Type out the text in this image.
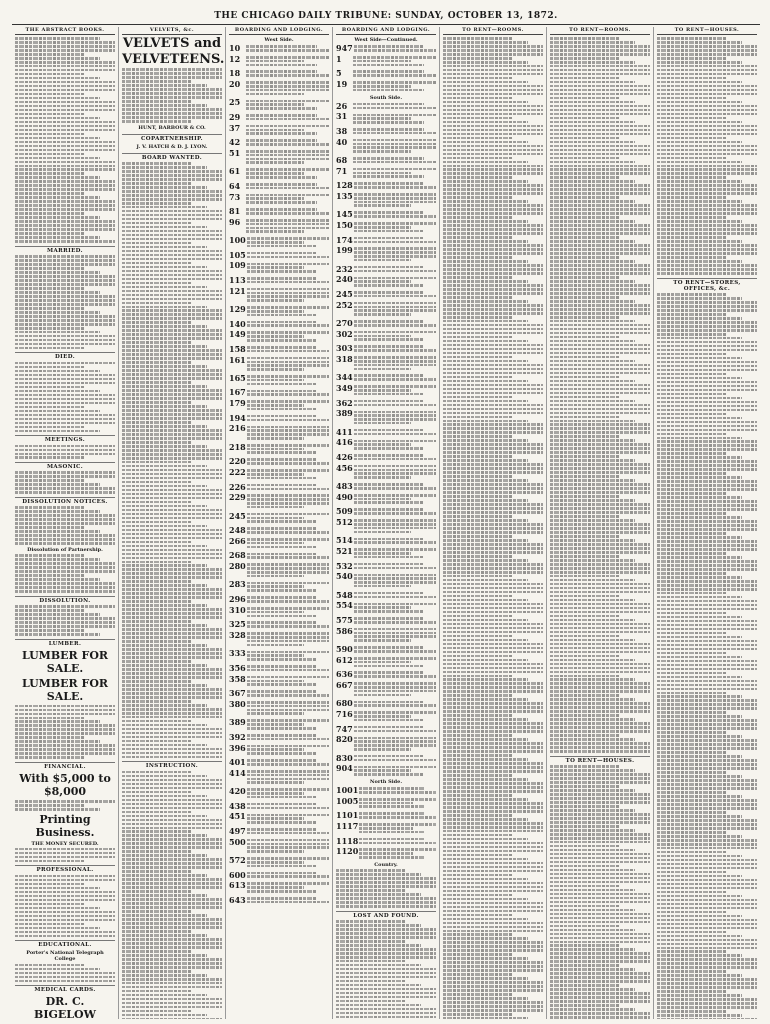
THE CHICAGO DAILY TRIBUNE: SUNDAY, OCTOBER 13, 1872.
THE ABSTRACT BOOKS.
MARRIED.
DIED.
MEETINGS.
MASONIC.
DISSOLUTION NOTICES.
Dissolution of Partnership.
DISSOLUTION.
LUMBER.
LUMBER FOR SALE.
LUMBER FOR SALE.
FINANCIAL.
With $5,000 to $8,000
Printing Business.
THE MONEY SECURED.
PROFESSIONAL.
EDUCATIONAL.
Porter's National Telegraph College
MEDICAL CARDS.
DR. C. BIGELOW
VELVETS, &c.
VELVETS and
VELVETEENS.
HUNT, BARBOUR & CO.
COPARTNERSHIP.
J. V. HATCH & D. J. LYON.
BOARD WANTED.
INSTRUCTION.
BOARDING AND LODGING.
West Side.
10
12
18
20
25
29
37
42
51
61
64
73
81
96
100
105
109
113
121
129
140
149
158
161
165
167
179
194
216
218
220
222
226
229
245
248
266
268
280
283
296
310
325
328
333
356
358
367
380
389
392
396
401
414
420
438
451
497
500
572
600
613
643
BOARDING AND LODGING.
West Side—Continued.
947
1
5
19
South Side.
26
31
38
40
68
71
128
135
145
150
174
199
232
240
245
252
270
302
303
318
344
349
362
389
411
416
426
456
483
490
509
512
514
521
532
540
548
554
575
586
590
612
636
667
680
716
747
820
830
904
North Side.
1001
1005
1101
1117
1118
1120
Country.
LOST AND FOUND.
TO RENT—ROOMS.	TO RENT—ROOMS.
TO RENT—HOUSES.
TO RENT—HOUSES.
TO RENT—STORES, OFFICES, &c.
